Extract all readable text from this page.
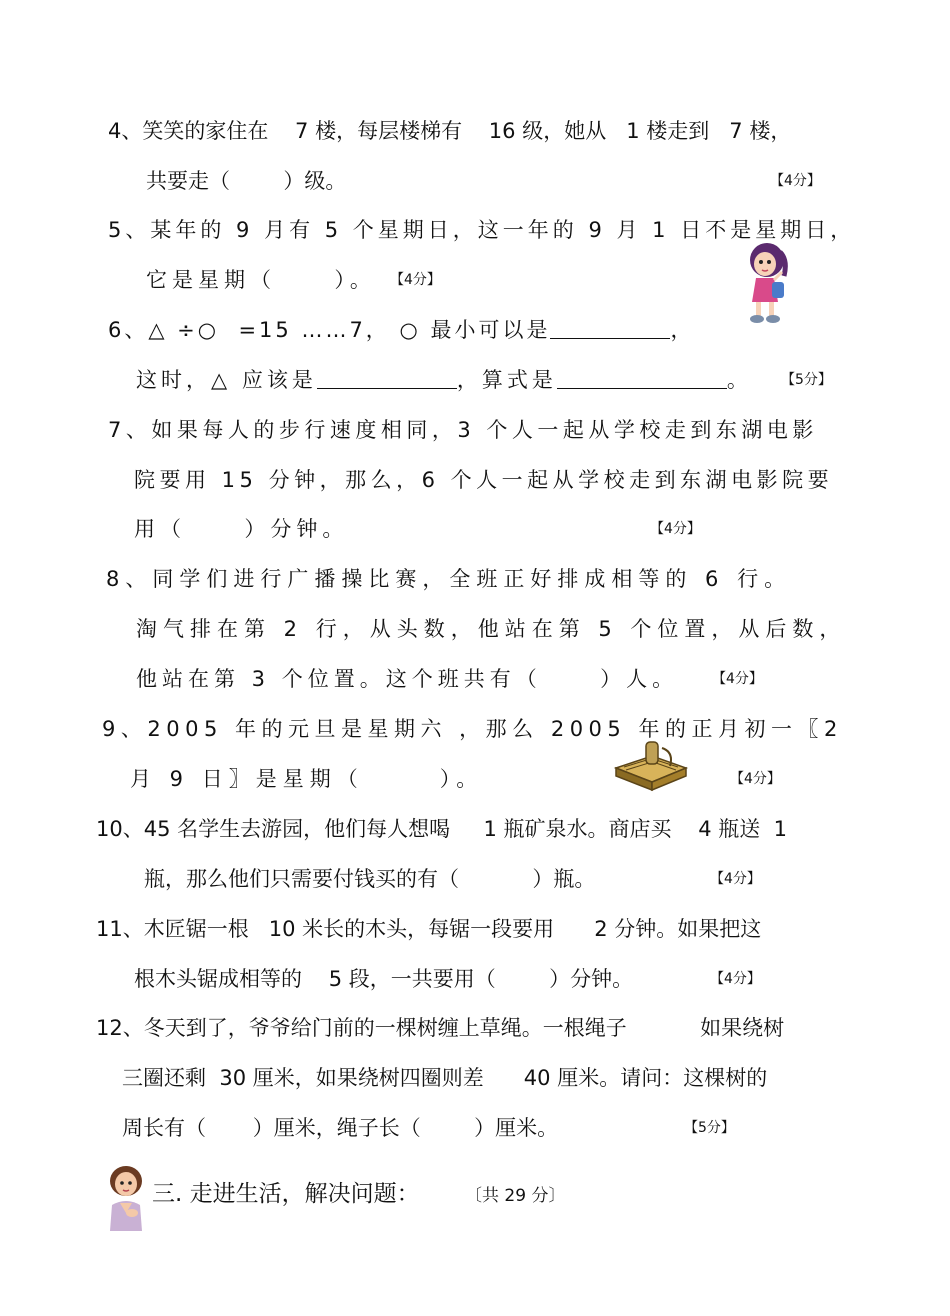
4、笑笑的家住在    7 楼，每层楼梯有    16 级，她从   1 楼走到   7 楼，
共要走（        ）级。	【4分】
5、某年的 9 月有 5 个星期日，这一年的 9 月 1 日不是星期日，
它是星期（     ）。 【4分】
6、△ ÷○  =15 ……7， ○ 最小可以是	，
这时，△ 应该是	，算式是	。 【5分】
7、如果每人的步行速度相同，3 个人一起从学校走到东湖电影
院要用 15 分钟，那么，6 个人一起从学校走到东湖电影院要
用（     ）分钟。	【4分】
8、同学们进行广播操比赛，全班正好排成相等的 6 行。
淘气排在第 2 行，从头数，他站在第 5 个位置，从后数，
他站在第 3 个位置。这个班共有（     ）人。 【4分】
9、2005 年的元旦是星期六 ，那么 2005 年的正月初一〖2
月 9 日〗是星期（      ）。	【4分】
10、45 名学生去游园，他们每人想喝     1 瓶矿泉水。商店买    4 瓶送  1
瓶，那么他们只需要付钱买的有（           ）瓶。	【4分】
11、木匠锯一根   10 米长的木头，每锯一段要用      2 分钟。如果把这
根木头锯成相等的    5 段，一共要用（        ）分钟。	【4分】
12、冬天到了，爷爷给门前的一棵树缠上草绳。一根绳子           如果绕树
三圈还剩  30 厘米，如果绕树四圈则差      40 厘米。请问：这棵树的
周长有（       ）厘米，绳子长（        ）厘米。	【5分】
三. 走进生活，解决问题：	〔共 29 分〕
